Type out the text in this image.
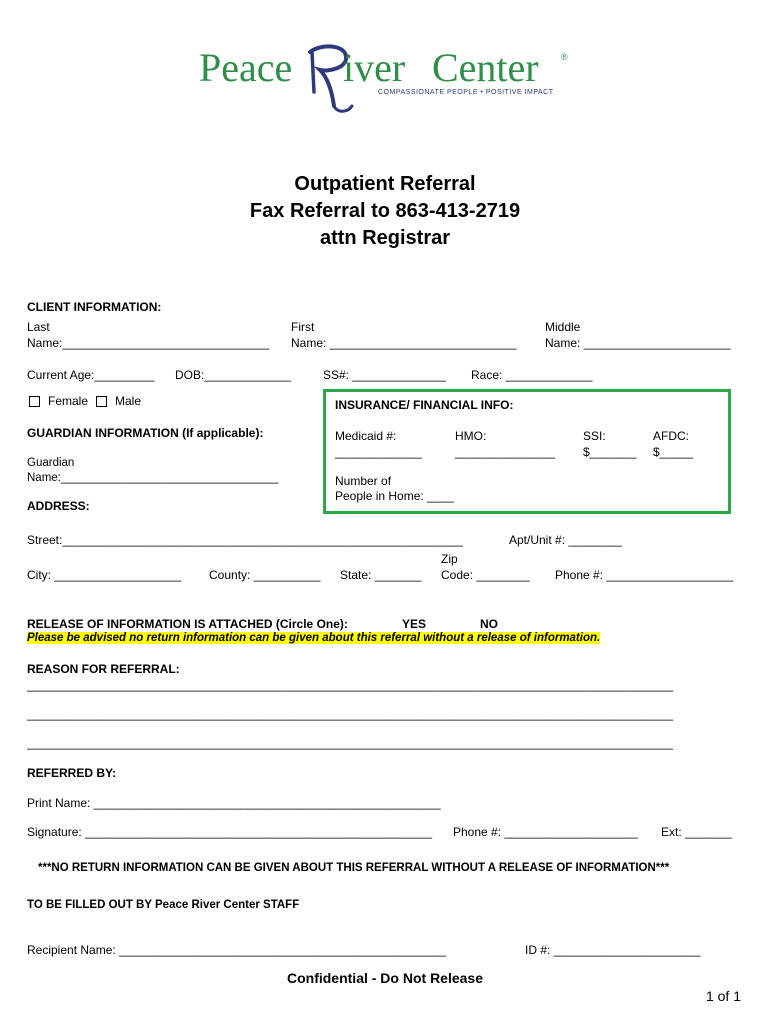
Peace iver Center ®
COMPASSIONATE PEOPLE • POSITIVE IMPACT
Outpatient Referral
Fax Referral to 863-413-2719
attn Registrar
CLIENT INFORMATION:
Last
Name:_______________________________
First
Name: ____________________________
Middle
Name: ______________________
Current Age:_________ DOB:_____________	SS#: ______________ Race: _____________
Female Male	INSURANCE/ FINANCIAL INFO:
Medicaid #:
_____________
HMO:
_______________
SSI:
$_______
AFDC:
$_____
Number of
People in Home: ____
GUARDIAN INFORMATION (If applicable):
Guardian
Name:__________________________________
ADDRESS:
Street:____________________________________________________________	Apt/Unit #: ________
City: ___________________ County: __________ State: _______
Zip
Code: ________ Phone #: ___________________
RELEASE OF INFORMATION IS ATTACHED (Circle One):	YES	NO
Please be advised no return information can be given about this referral without a release of information.
REASON FOR REFERRAL:
_____________________________________________________________________________________________________
_____________________________________________________________________________________________________
_____________________________________________________________________________________________________
REFERRED BY:
Print Name: ____________________________________________________
Signature: ____________________________________________________ Phone #: ____________________ Ext: _______
***NO RETURN INFORMATION CAN BE GIVEN ABOUT THIS REFERRAL WITHOUT A RELEASE OF INFORMATION***
TO BE FILLED OUT BY Peace River Center STAFF
Recipient Name: _________________________________________________	ID #: ______________________
Confidential - Do Not Release
1 of 1
